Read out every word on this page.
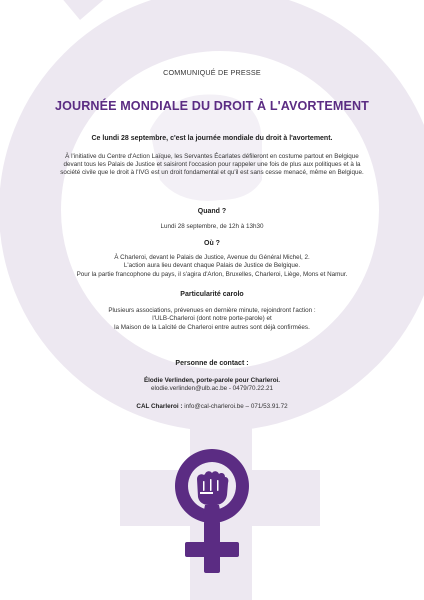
COMMUNIQUÉ DE PRESSE
JOURNÉE MONDIALE DU DROIT À L'AVORTEMENT
Ce lundi 28 septembre, c'est la journée mondiale du droit à l'avortement.
À l'initiative du Centre d'Action Laïque, les Servantes Écarlates défileront en costume partout en Belgique devant tous les Palais de Justice et saisiront l'occasion pour rappeler une fois de plus aux politiques et à la société civile que le droit à l'IVG est un droit fondamental et qu'il est sans cesse menacé, même en Belgique.
Quand ?
Lundi 28 septembre, de 12h à 13h30
Où ?
À Charleroi, devant le Palais de Justice, Avenue du Général Michel, 2.
L'action aura lieu devant chaque Palais de Justice de Belgique.
Pour la partie francophone du pays, il s'agira d'Arlon, Bruxelles, Charleroi, Liège, Mons et Namur.
Particularité carolo
Plusieurs associations, prévenues en dernière minute, rejoindront l'action :
l'ULB-Charleroi (dont notre porte-parole) et
la Maison de la Laïcité de Charleroi entre autres sont déjà confirmées.
Personne de contact :
Élodie Verlinden, porte-parole pour Charleroi.
elodie.verlinden@ulb.ac.be - 0479/70.22.21
CAL Charleroi : info@cal-charleroi.be – 071/53.91.72
